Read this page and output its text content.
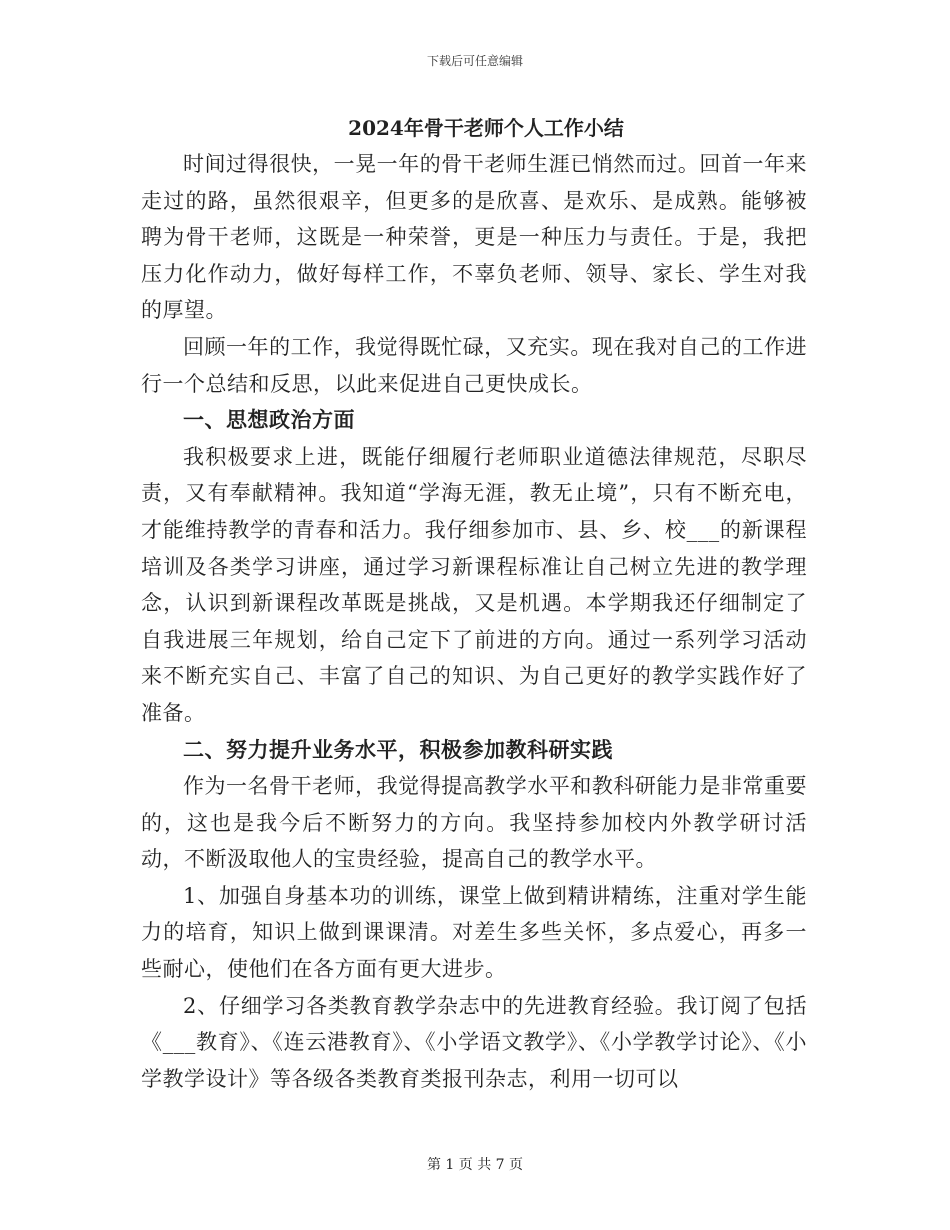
下载后可任意编辑
2024年骨干老师个人工作小结

时间过得很快，一晃一年的骨干老师生涯已悄然而过。回首一年来走过的路，虽然很艰辛，但更多的是欣喜、是欢乐、是成熟。能够被聘为骨干老师，这既是一种荣誉，更是一种压力与责任。于是，我把压力化作动力，做好每样工作，不辜负老师、领导、家长、学生对我的厚望。

回顾一年的工作，我觉得既忙碌，又充实。现在我对自己的工作进行一个总结和反思，以此来促进自己更快成长。

一、思想政治方面

我积极要求上进，既能仔细履行老师职业道德法律规范，尽职尽责，又有奉献精神。我知道“学海无涯，教无止境”，只有不断充电，才能维持教学的青春和活力。我仔细参加市、县、乡、校___的新课程培训及各类学习讲座，通过学习新课程标准让自己树立先进的教学理念，认识到新课程改革既是挑战，又是机遇。本学期我还仔细制定了自我进展三年规划，给自己定下了前进的方向。通过一系列学习活动来不断充实自己、丰富了自己的知识、为自己更好的教学实践作好了准备。

二、努力提升业务水平，积极参加教科研实践

作为一名骨干老师，我觉得提高教学水平和教科研能力是非常重要的，这也是我今后不断努力的方向。我坚持参加校内外教学研讨活动，不断汲取他人的宝贵经验，提高自己的教学水平。

1、加强自身基本功的训练，课堂上做到精讲精练，注重对学生能力的培育，知识上做到课课清。对差生多些关怀，多点爱心，再多一些耐心，使他们在各方面有更大进步。

2、仔细学习各类教育教学杂志中的先进教育经验。我订阅了包括《___教育》、《连云港教育》、《小学语文教学》、《小学教学讨论》、《小学教学设计》等各级各类教育类报刊杂志，利用一切可以

第 1 页 共 7 页
